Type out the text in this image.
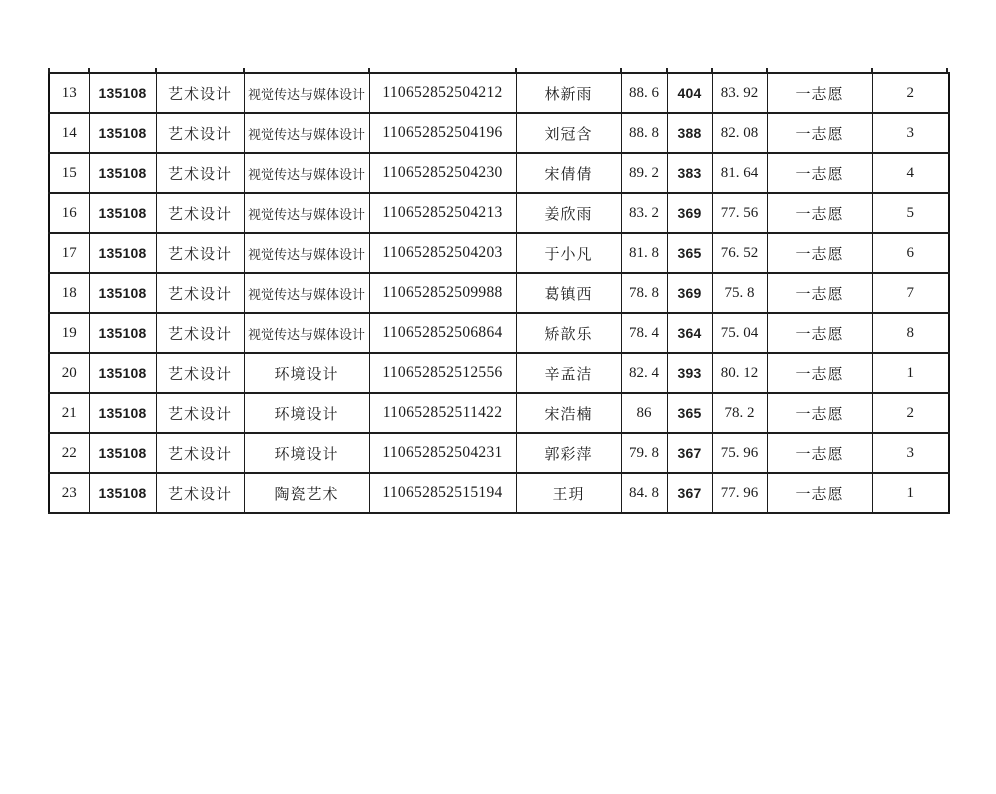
13	135108	艺术设计	视觉传达与媒体设计	110652852504212	林新雨	88. 6	404	83. 92	一志愿	2
14	135108	艺术设计	视觉传达与媒体设计	110652852504196	刘冠含	88. 8	388	82. 08	一志愿	3
15	135108	艺术设计	视觉传达与媒体设计	110652852504230	宋倩倩	89. 2	383	81. 64	一志愿	4
16	135108	艺术设计	视觉传达与媒体设计	110652852504213	姜欣雨	83. 2	369	77. 56	一志愿	5
17	135108	艺术设计	视觉传达与媒体设计	110652852504203	于小凡	81. 8	365	76. 52	一志愿	6
18	135108	艺术设计	视觉传达与媒体设计	110652852509988	葛镇西	78. 8	369	75. 8	一志愿	7
19	135108	艺术设计	视觉传达与媒体设计	110652852506864	矫歆乐	78. 4	364	75. 04	一志愿	8
20	135108	艺术设计	环境设计	110652852512556	辛孟洁	82. 4	393	80. 12	一志愿	1
21	135108	艺术设计	环境设计	110652852511422	宋浩楠	86	365	78. 2	一志愿	2
22	135108	艺术设计	环境设计	110652852504231	郭彩萍	79. 8	367	75. 96	一志愿	3
23	135108	艺术设计	陶瓷艺术	110652852515194	王玥	84. 8	367	77. 96	一志愿	1
